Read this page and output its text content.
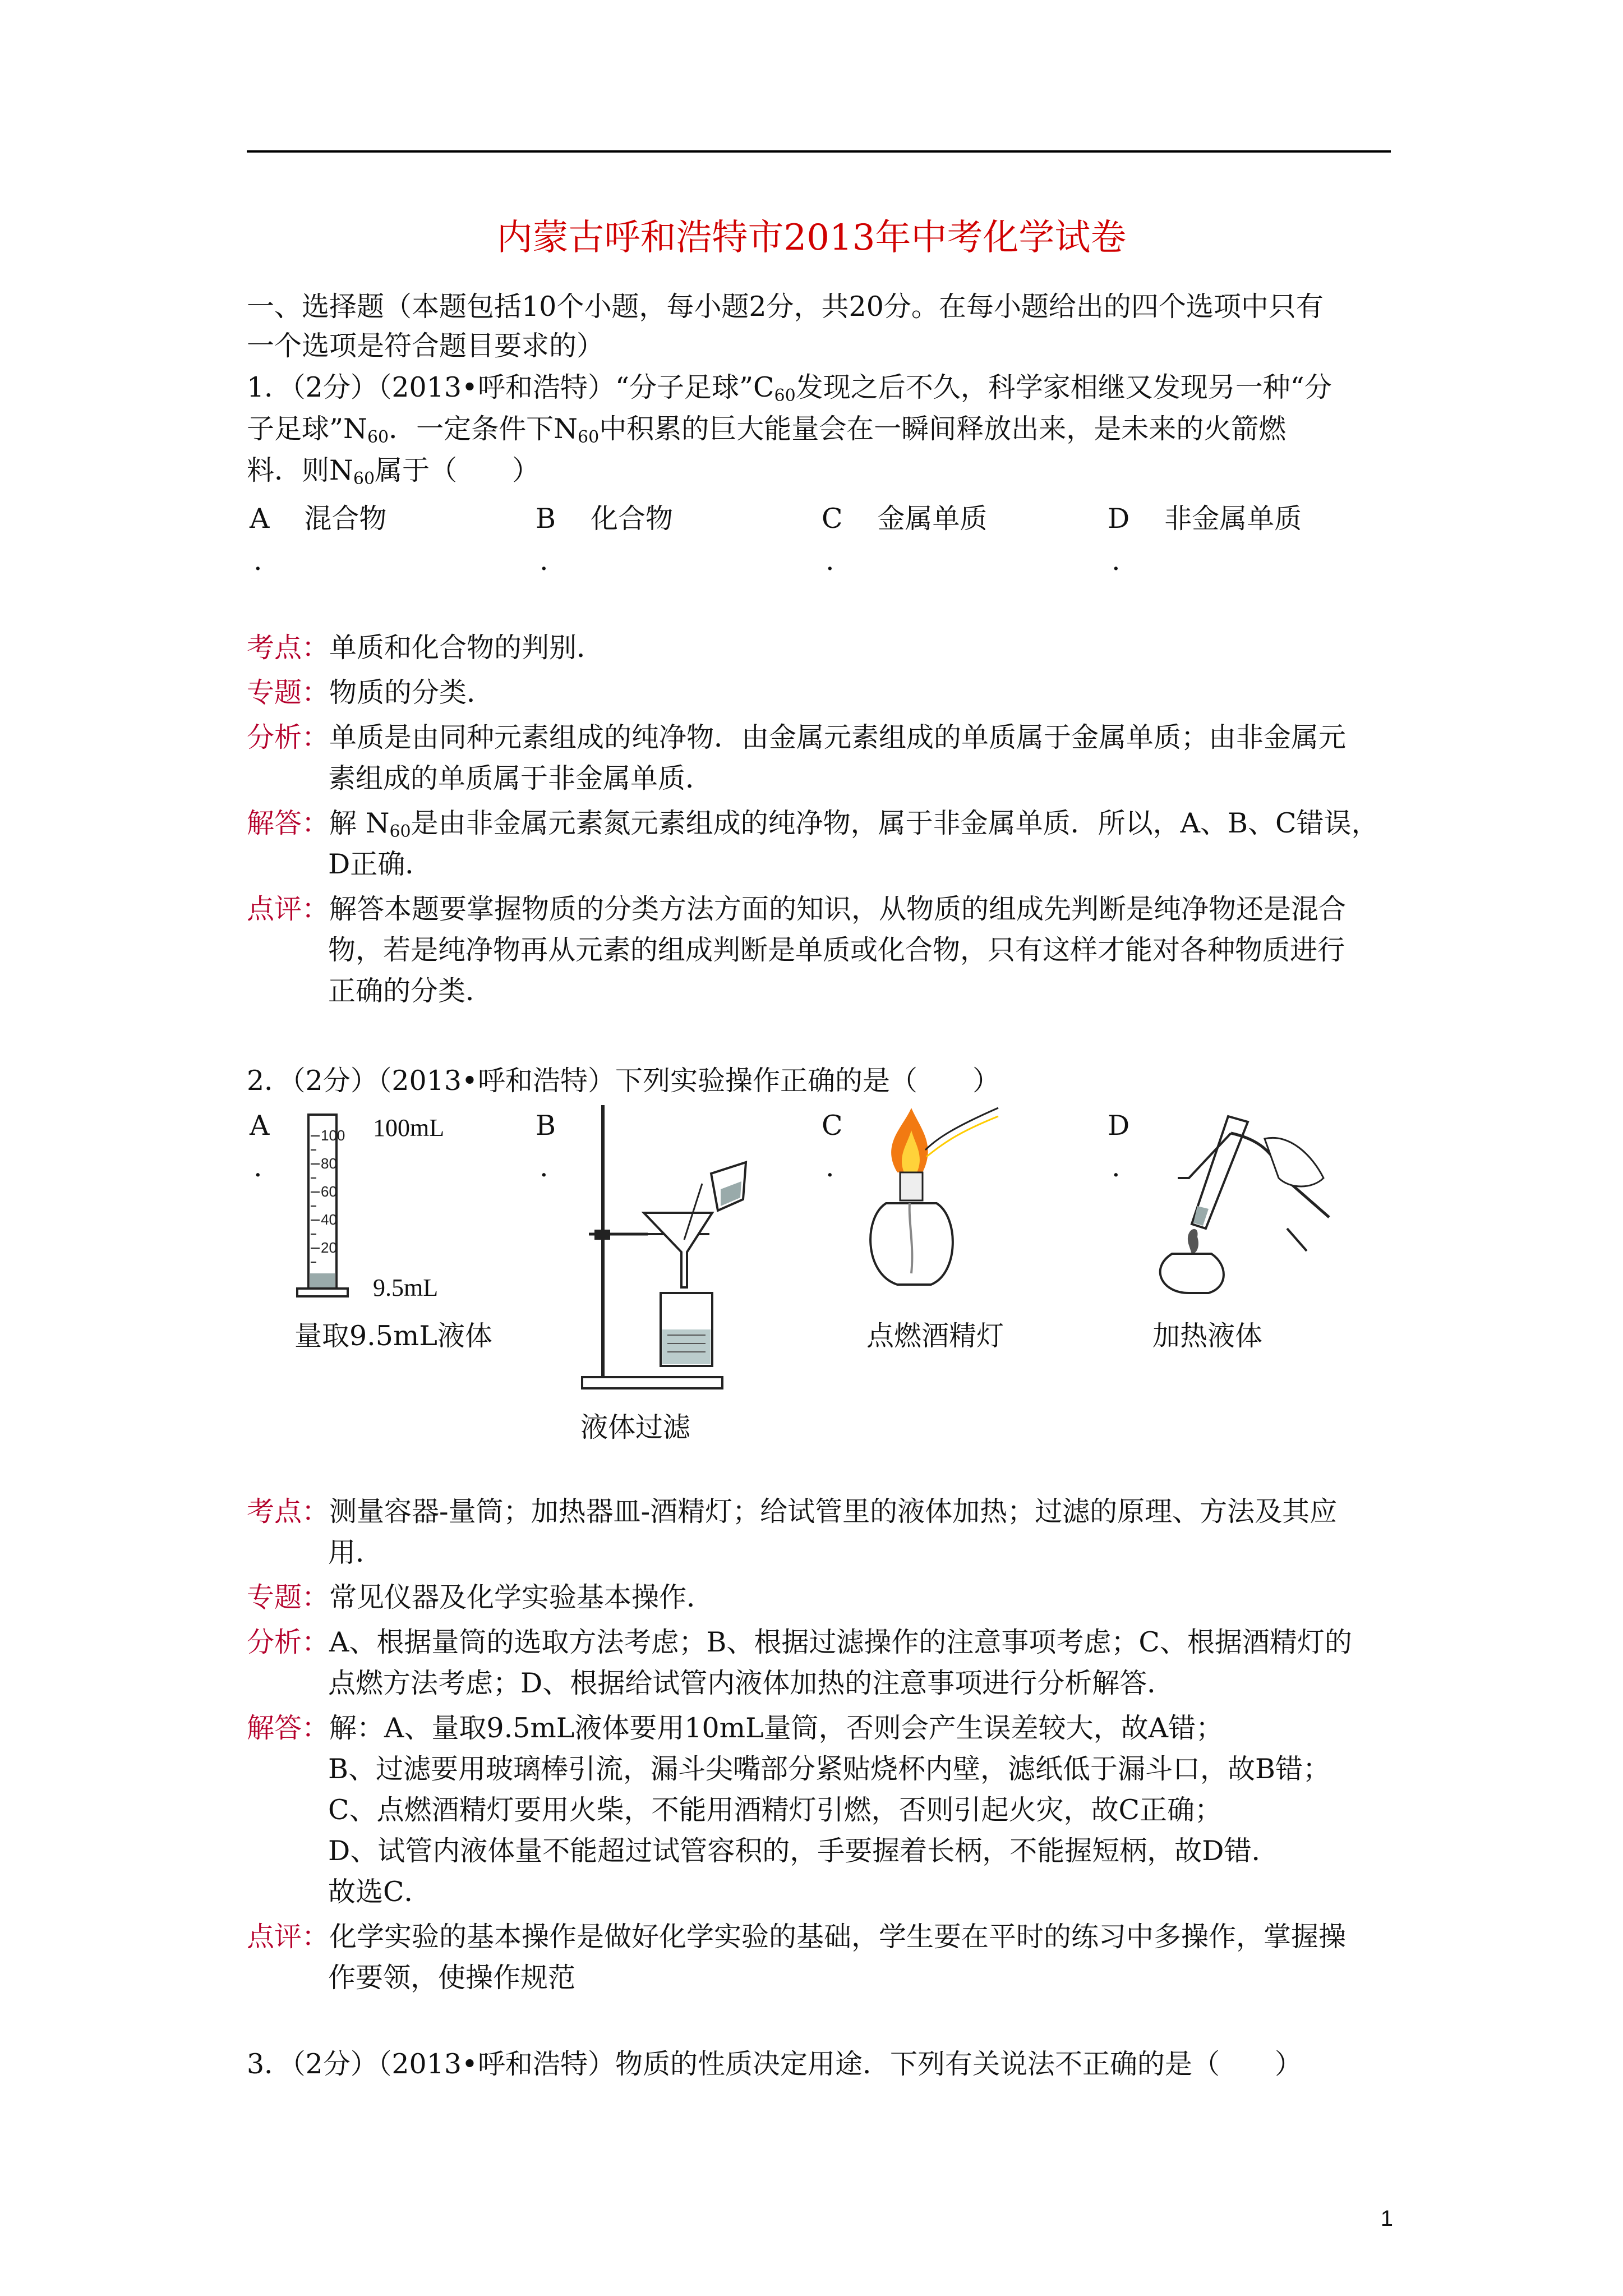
内蒙古呼和浩特市2013年中考化学试卷
一、选择题（本题包括10个小题，每小题2分，共20分。在每小题给出的四个选项中只有
一个选项是符合题目要求的）
1．（2分）（2013•呼和浩特）“分子足球$”C_{60}$发现之后不久，科学家相继又发现另一种“分
子足球$”N_{60}$．一定条件下$N_{60}$中积累的巨大能量会在一瞬间释放出来，是未来的火箭燃
料．则$N_{60}$属于（　　）
A 混合物	B 化合物	C 金属单质	D 非金属单质
.	.	.	.
考点：单质和化合物的判别．
专题：物质的分类．
分析：单质是由同种元素组成的纯净物．由金属元素组成的单质属于金属单质；由非金属元
素组成的单质属于非金属单质．
解答：解 $N_{60}$是由非金属元素氮元素组成的纯净物，属于非金属单质．所以，A、B、C错误，
D正确．
点评：解答本题要掌握物质的分类方法方面的知识，从物质的组成先判断是纯净物还是混合
物，若是纯净物再从元素的组成判断是单质或化合物，只有这样才能对各种物质进行
正确的分类．
2．（2分）（2013•呼和浩特）下列实验操作正确的是（　　）
A
.
B
.
C
.
D
.
100
80
60
40
20
100mL
9.5mL
量取9.5mL液体
液体过滤
点燃酒精灯	加热液体
考点：测量容器-量筒；加热器皿-酒精灯；给试管里的液体加热；过滤的原理、方法及其应
用．
专题：常见仪器及化学实验基本操作．
分析：A、根据量筒的选取方法考虑；B、根据过滤操作的注意事项考虑；C、根据酒精灯的
点燃方法考虑；D、根据给试管内液体加热的注意事项进行分析解答．
解答：解：A、量取9.5mL液体要用10mL量筒，否则会产生误差较大，故A错；
B、过滤要用玻璃棒引流，漏斗尖嘴部分紧贴烧杯内壁，滤纸低于漏斗口，故B错；
C、点燃酒精灯要用火柴，不能用酒精灯引燃，否则引起火灾，故C正确；
D、试管内液体量不能超过试管容积的，手要握着长柄，不能握短柄，故D错．
故选C．
点评：化学实验的基本操作是做好化学实验的基础，学生要在平时的练习中多操作，掌握操
作要领，使操作规范
3．（2分）（2013•呼和浩特）物质的性质决定用途．下列有关说法不正确的是（　　）
1
